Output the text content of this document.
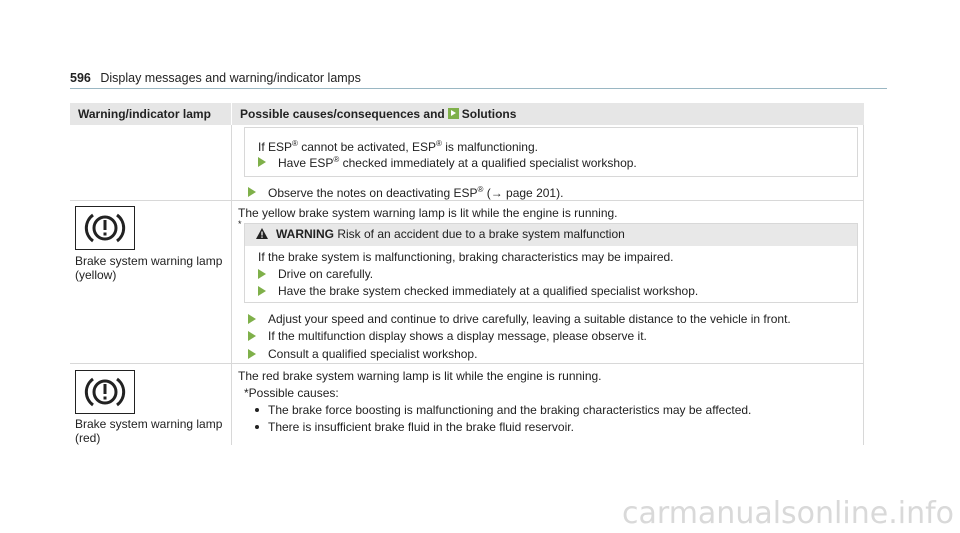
596 Display messages and warning/indicator lamps
Warning/indicator lamp	Possible causes/consequences and Solutions
If ESP® cannot be activated, ESP® is malfunctioning.
Have ESP® checked immediately at a qualified specialist workshop.
Observe the notes on deactivating ESP® (→ page 201).
Brake system warning lamp
(yellow)
The yellow brake system warning lamp is lit while the engine is running.
*
WARNING Risk of an accident due to a brake system malfunction
If the brake system is malfunctioning, braking characteristics may be impaired.
Drive on carefully.
Have the brake system checked immediately at a qualified specialist workshop.
Adjust your speed and continue to drive carefully, leaving a suitable distance to the vehicle in front.
If the multifunction display shows a display message, please observe it.
Consult a qualified specialist workshop.
Brake system warning lamp
(red)
The red brake system warning lamp is lit while the engine is running.
*Possible causes:
The brake force boosting is malfunctioning and the braking characteristics may be affected.
There is insufficient brake fluid in the brake fluid reservoir.
carmanualsonline.info
